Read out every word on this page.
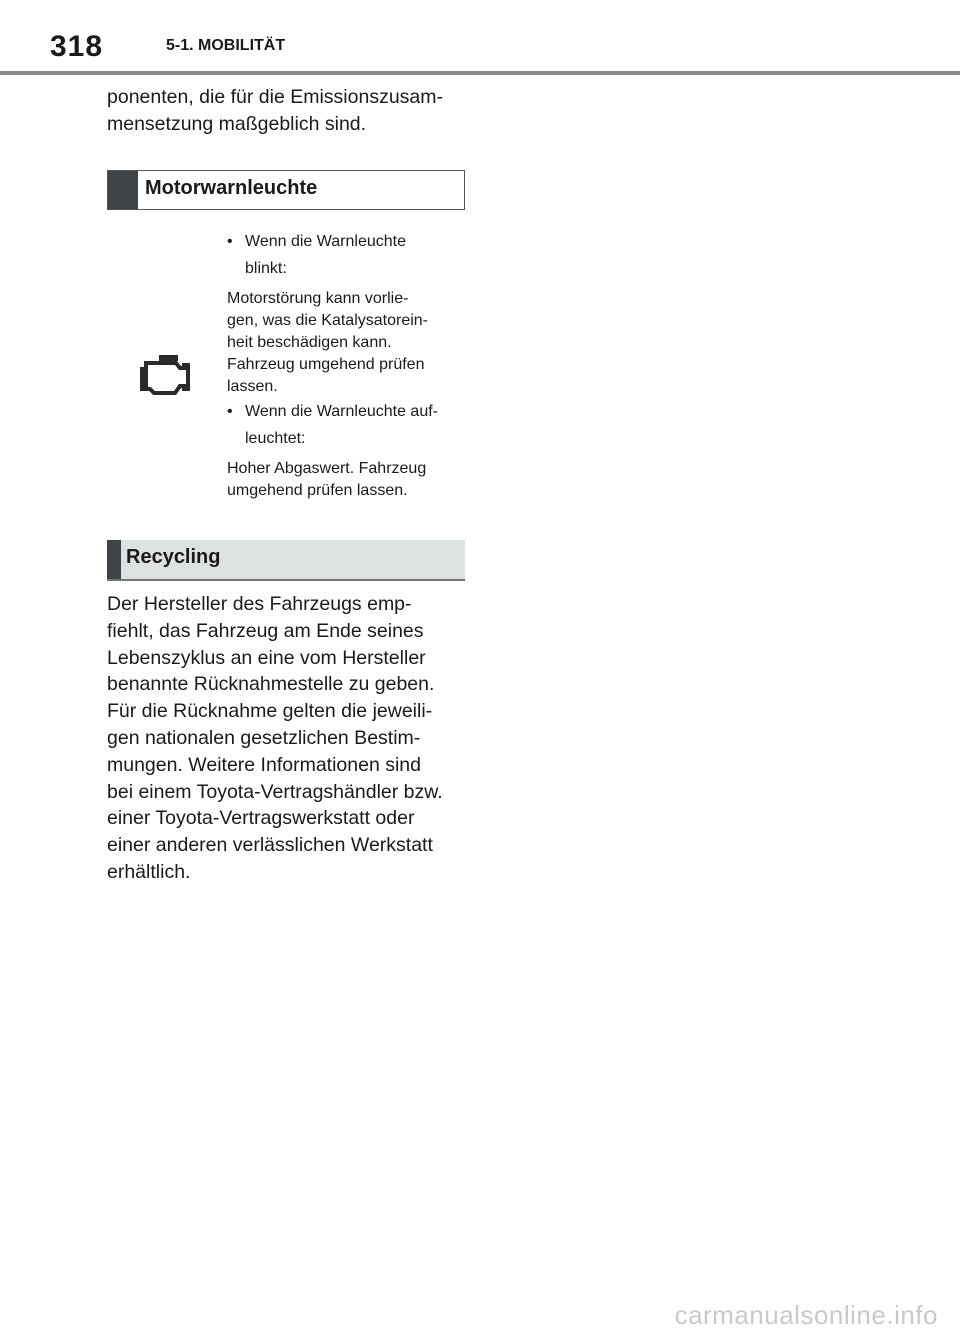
318	5-1. MOBILITÄT

ponenten, die für die Emissionszusam-

mensetzung maßgeblich sind.

Motorwarnleuchte
• Wenn die Warnleuchte
blinkt:
Motorstörung kann vorlie-
gen, was die Katalysatorein-
heit beschädigen kann.
Fahrzeug umgehend prüfen
lassen.
• Wenn die Warnleuchte auf-
leuchtet:
Hoher Abgaswert. Fahrzeug
umgehend prüfen lassen.
Recycling

Der Hersteller des Fahrzeugs emp-

fiehlt, das Fahrzeug am Ende seines

Lebenszyklus an eine vom Hersteller

benannte Rücknahmestelle zu geben.

Für die Rücknahme gelten die jeweili-

gen nationalen gesetzlichen Bestim-

mungen. Weitere Informationen sind

bei einem Toyota-Vertragshändler bzw.

einer Toyota-Vertragswerkstatt oder

einer anderen verlässlichen Werkstatt

erhältlich.

carmanualsonline.info
